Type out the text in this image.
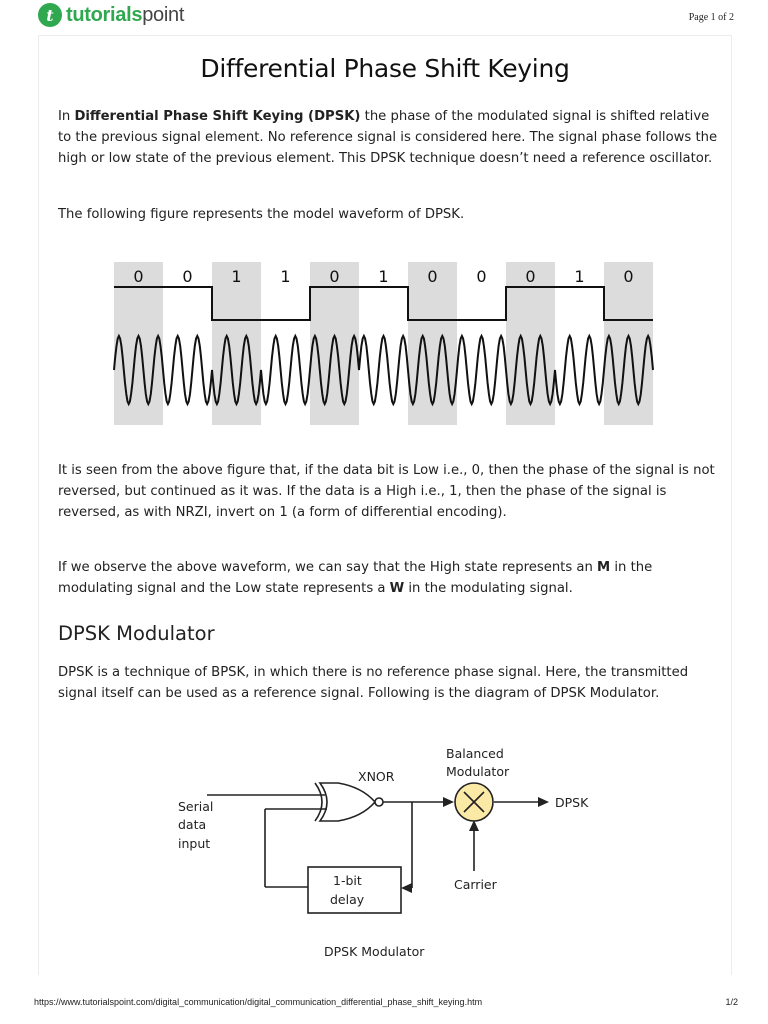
t tutorialspoint	Page 1 of 2
Differential Phase Shift Keying

In Differential Phase Shift Keying (DPSK) the phase of the modulated signal is shifted relative to the previous signal element. No reference signal is considered here. The signal phase follows the high or low state of the previous element. This DPSK technique doesn’t need a reference oscillator.

The following figure represents the model waveform of DPSK.

It is seen from the above figure that, if the data bit is Low i.e., 0, then the phase of the signal is not reversed, but continued as it was. If the data is a High i.e., 1, then the phase of the signal is reversed, as with NRZI, invert on 1 (a form of differential encoding).

If we observe the above waveform, we can say that the High state represents an M in the modulating signal and the Low state represents a W in the modulating signal.

DPSK Modulator

DPSK is a technique of BPSK, in which there is no reference phase signal. Here, the transmitted signal itself can be used as a reference signal. Following is the diagram of DPSK Modulator.

0 0 1 1 0 1 0 0 0 1 0
Serial
data
input
XNOR
Balanced
Modulator
DPSK
Carrier
1-bit
delay
DPSK Modulator
https://www.tutorialspoint.com/digital_communication/digital_communication_differential_phase_shift_keying.htm	1/2
